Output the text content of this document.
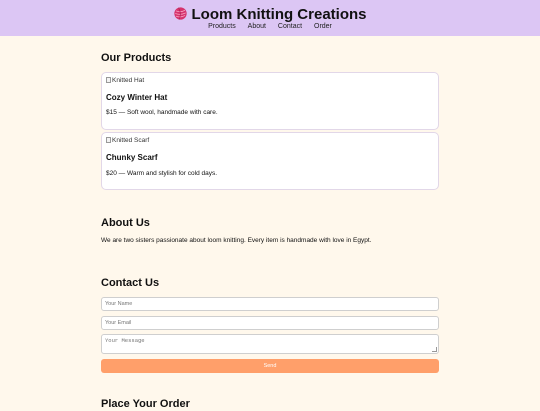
Loom Knitting Creations
Products About Contact Order
Our Products
Knitted Hat
Cozy Winter Hat
$15 — Soft wool, handmade with care.
Knitted Scarf
Chunky Scarf
$20 — Warm and stylish for cold days.
About Us
We are two sisters passionate about loom knitting. Every item is handmade with love in Egypt.
Contact Us
Your Name
Your Email
Your Message
Send
Place Your Order
